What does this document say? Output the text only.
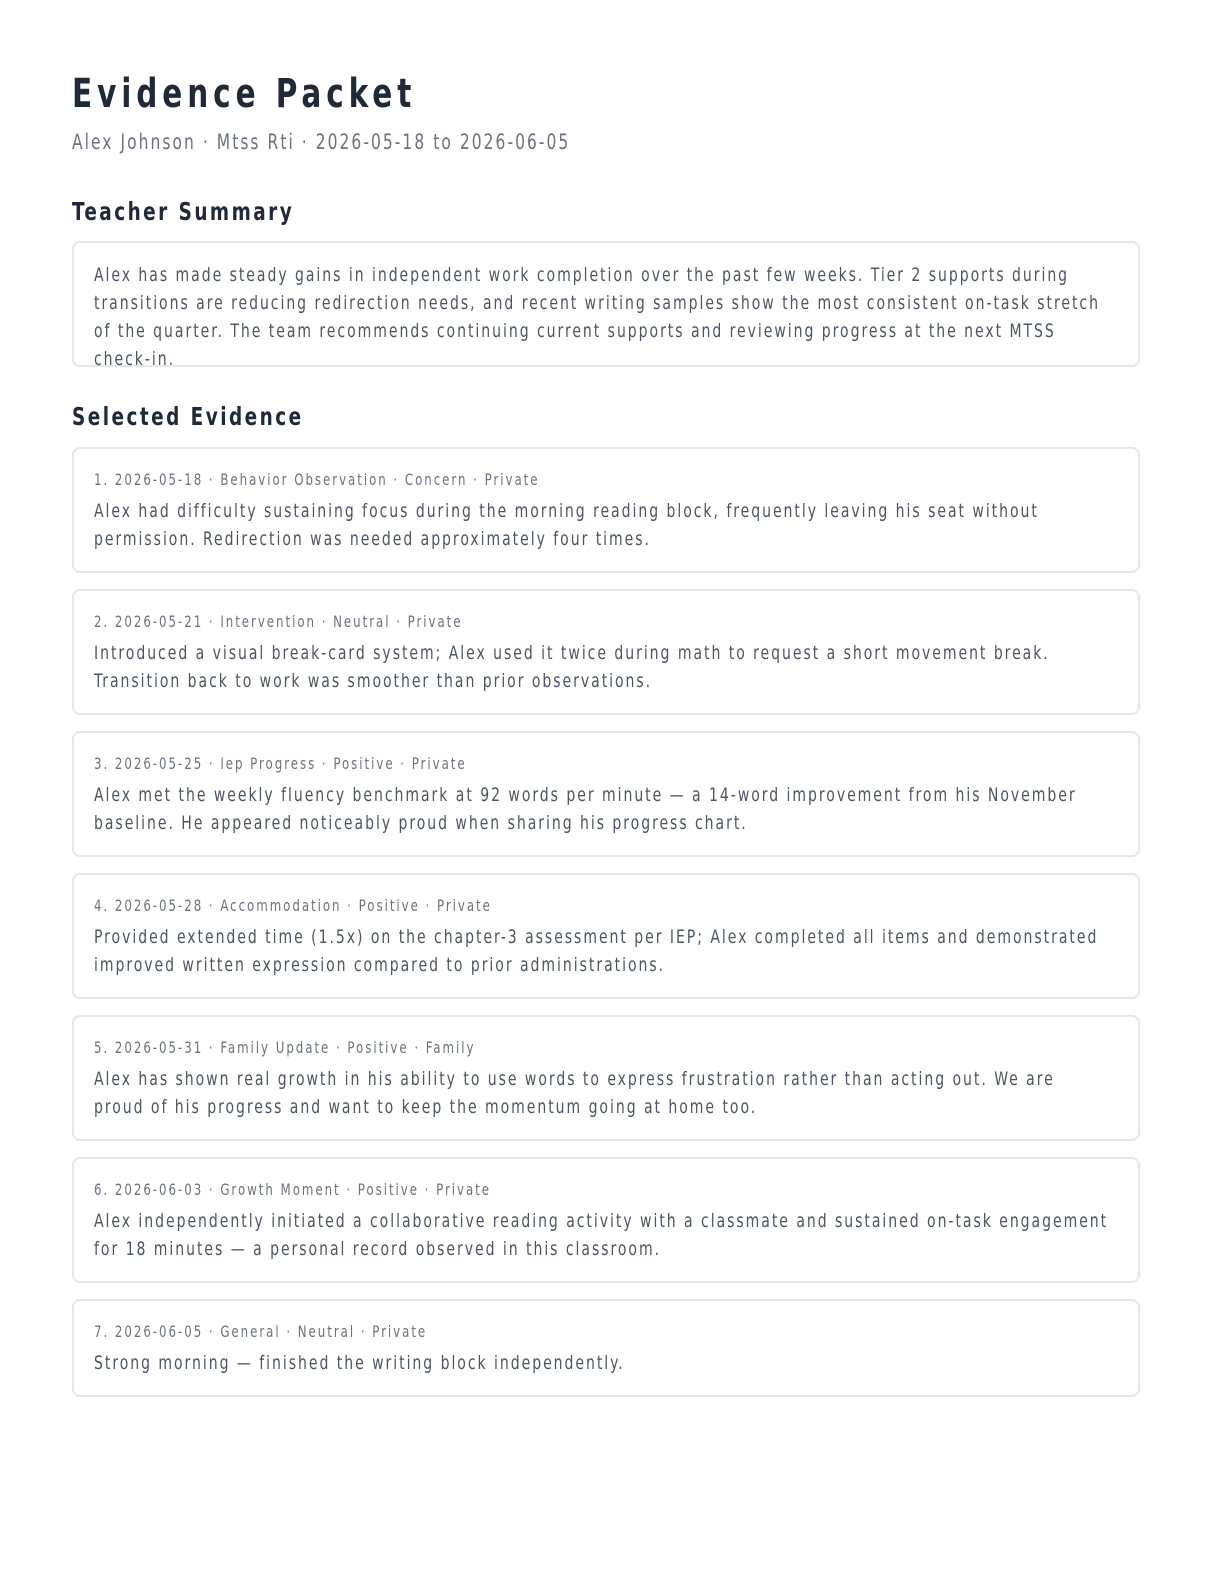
Evidence Packet
Alex Johnson · Mtss Rti · 2026-05-18 to 2026-06-05
Teacher Summary
Alex has made steady gains in independent work completion over the past few weeks. Tier 2 supports during transitions are reducing redirection needs, and recent writing samples show the most consistent on-task stretch of the quarter. The team recommends continuing current supports and reviewing progress at the next MTSS check-in.
Selected Evidence
1. 2026-05-18 · Behavior Observation · Concern · Private
Alex had difficulty sustaining focus during the morning reading block, frequently leaving his seat without permission. Redirection was needed approximately four times.
2. 2026-05-21 · Intervention · Neutral · Private
Introduced a visual break-card system; Alex used it twice during math to request a short movement break. Transition back to work was smoother than prior observations.
3. 2026-05-25 · Iep Progress · Positive · Private
Alex met the weekly fluency benchmark at 92 words per minute — a 14-word improvement from his November baseline. He appeared noticeably proud when sharing his progress chart.
4. 2026-05-28 · Accommodation · Positive · Private
Provided extended time (1.5x) on the chapter-3 assessment per IEP; Alex completed all items and demonstrated improved written expression compared to prior administrations.
5. 2026-05-31 · Family Update · Positive · Family
Alex has shown real growth in his ability to use words to express frustration rather than acting out. We are proud of his progress and want to keep the momentum going at home too.
6. 2026-06-03 · Growth Moment · Positive · Private
Alex independently initiated a collaborative reading activity with a classmate and sustained on-task engagement for 18 minutes — a personal record observed in this classroom.
7. 2026-06-05 · General · Neutral · Private
Strong morning — finished the writing block independently.
